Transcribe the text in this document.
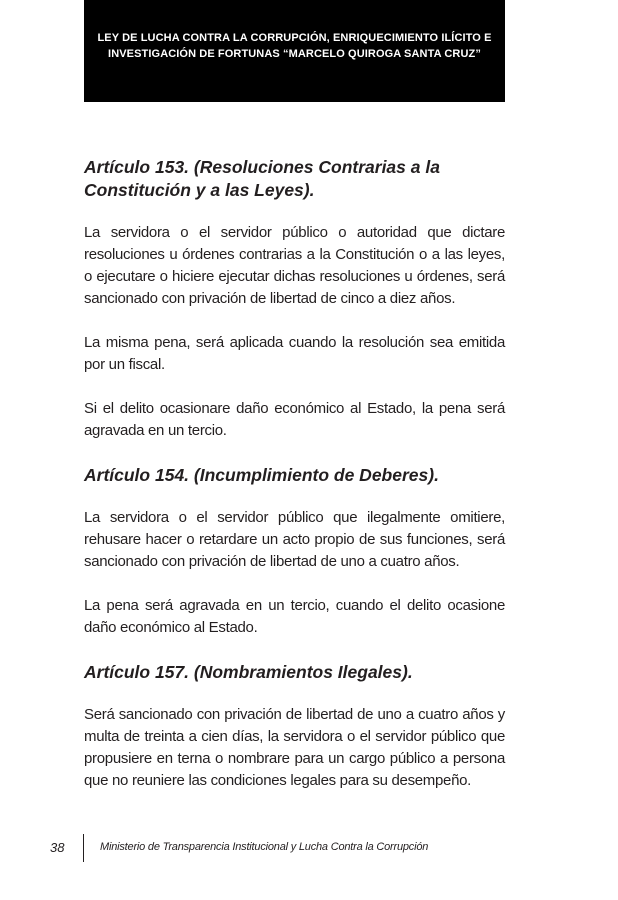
LEY DE LUCHA CONTRA LA CORRUPCIÓN, ENRIQUECIMIENTO ILÍCITO E
INVESTIGACIÓN DE FORTUNAS “MARCELO QUIROGA SANTA CRUZ”
Artículo 153. (Resoluciones Contrarias a la
Constitución y a las Leyes).

La servidora o el servidor público o autoridad que dictare resoluciones u órdenes contrarias a la Constitución o a las leyes, o ejecutare o hiciere ejecutar dichas resoluciones u órdenes, será sancionado con privación de libertad de cinco a diez años.

La misma pena, será aplicada cuando la resolución sea emitida por un fiscal.

Si el delito ocasionare daño económico al Estado, la pena será agravada en un tercio.

Artículo 154. (Incumplimiento de Deberes).

La servidora o el servidor público que ilegalmente omitiere, rehusare hacer o retardare un acto propio de sus funciones, será sancionado con privación de libertad de uno a cuatro años.

La pena será agravada en un tercio, cuando el delito ocasione daño económico al Estado.

Artículo 157. (Nombramientos Ilegales).

Será sancionado con privación de libertad de uno a cuatro años y multa de treinta a cien días, la servidora o el servidor público que propusiere en terna o nombrare para un cargo público a persona que no reuniere las condiciones legales para su desempeño.

38	Ministerio de Transparencia Institucional y Lucha Contra la Corrupción
